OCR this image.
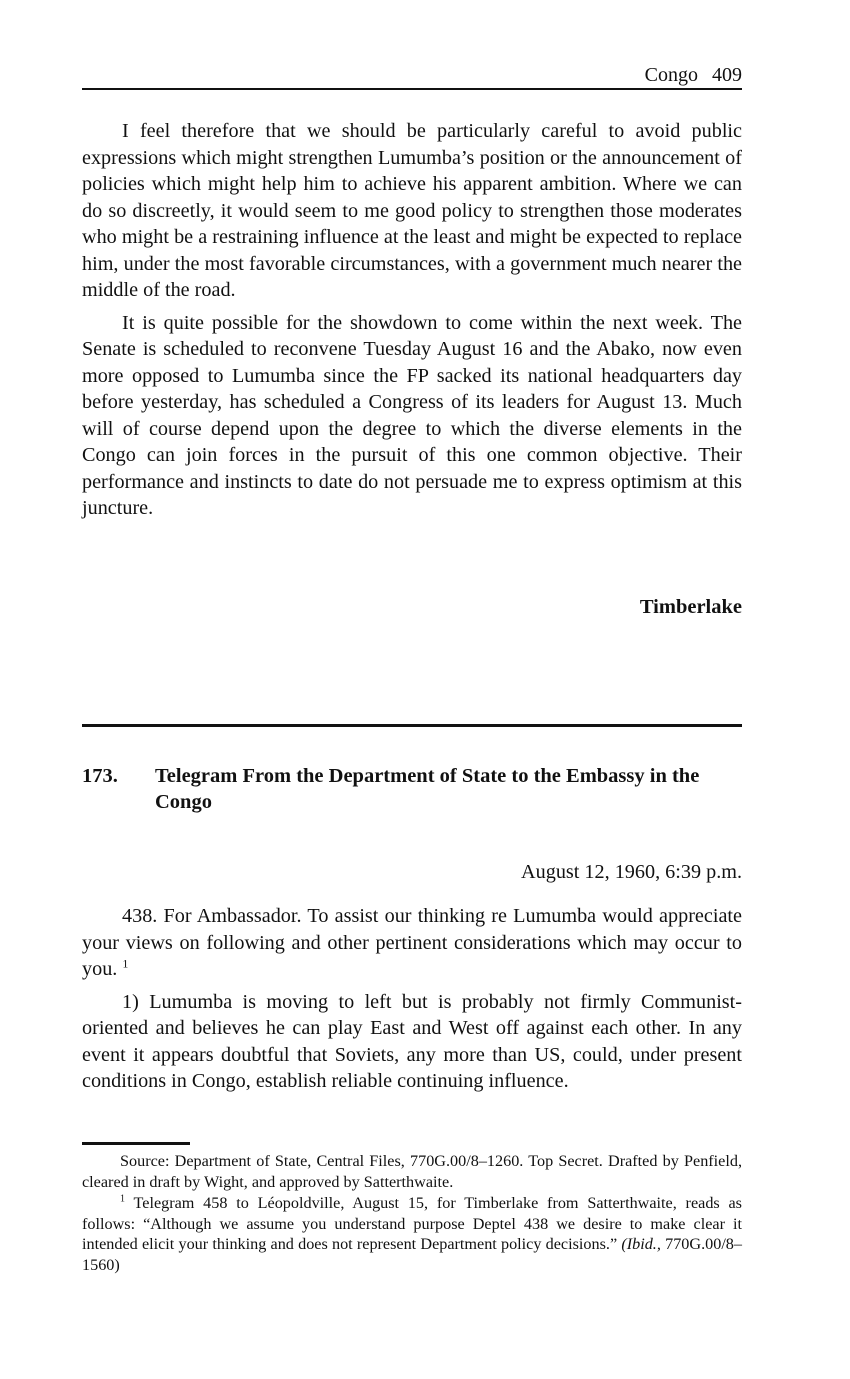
Congo 409

I feel therefore that we should be particularly careful to avoid public expressions which might strengthen Lumumba’s position or the announcement of policies which might help him to achieve his apparent ambition. Where we can do so discreetly, it would seem to me good policy to strengthen those moderates who might be a restraining influence at the least and might be expected to replace him, under the most favorable circumstances, with a government much nearer the middle of the road.

It is quite possible for the showdown to come within the next week. The Senate is scheduled to reconvene Tuesday August 16 and the Abako, now even more opposed to Lumumba since the FP sacked its national headquarters day before yesterday, has scheduled a Congress of its leaders for August 13. Much will of course depend upon the degree to which the diverse elements in the Congo can join forces in the pursuit of this one common objective. Their performance and instincts to date do not persuade me to express optimism at this juncture.

Timberlake
173. Telegram From the Department of State to the Embassy in the Congo
August 12, 1960, 6:39 p.m.

438. For Ambassador. To assist our thinking re Lumumba would appreciate your views on following and other pertinent considerations which may occur to you. $^1$

1) Lumumba is moving to left but is probably not firmly Communist-oriented and believes he can play East and West off against each other. In any event it appears doubtful that Soviets, any more than US, could, under present conditions in Congo, establish reliable continuing influence.

Source: Department of State, Central Files, 770G.00/8–1260. Top Secret. Drafted by Penfield, cleared in draft by Wight, and approved by Satterthwaite.

$^1$ Telegram 458 to Léopoldville, August 15, for Timberlake from Satterthwaite, reads as follows: “Although we assume you understand purpose Deptel 438 we desire to make clear it intended elicit your thinking and does not represent Department policy decisions.” (Ibid., 770G.00/8–1560)
